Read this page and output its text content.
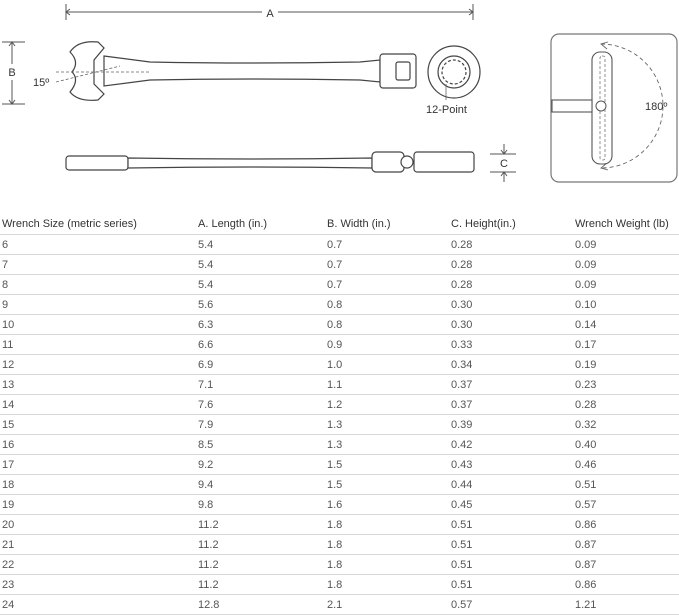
A
B
15º
12-Point
C
180º
Wrench Size (metric series)	A. Length (in.)	B. Width (in.)	C. Height(in.)	Wrench Weight (lb)
6	5.4	0.7	0.28	0.09
7	5.4	0.7	0.28	0.09
8	5.4	0.7	0.28	0.09
9	5.6	0.8	0.30	0.10
10	6.3	0.8	0.30	0.14
11	6.6	0.9	0.33	0.17
12	6.9	1.0	0.34	0.19
13	7.1	1.1	0.37	0.23
14	7.6	1.2	0.37	0.28
15	7.9	1.3	0.39	0.32
16	8.5	1.3	0.42	0.40
17	9.2	1.5	0.43	0.46
18	9.4	1.5	0.44	0.51
19	9.8	1.6	0.45	0.57
20	11.2	1.8	0.51	0.86
21	11.2	1.8	0.51	0.87
22	11.2	1.8	0.51	0.87
23	11.2	1.8	0.51	0.86
24	12.8	2.1	0.57	1.21
